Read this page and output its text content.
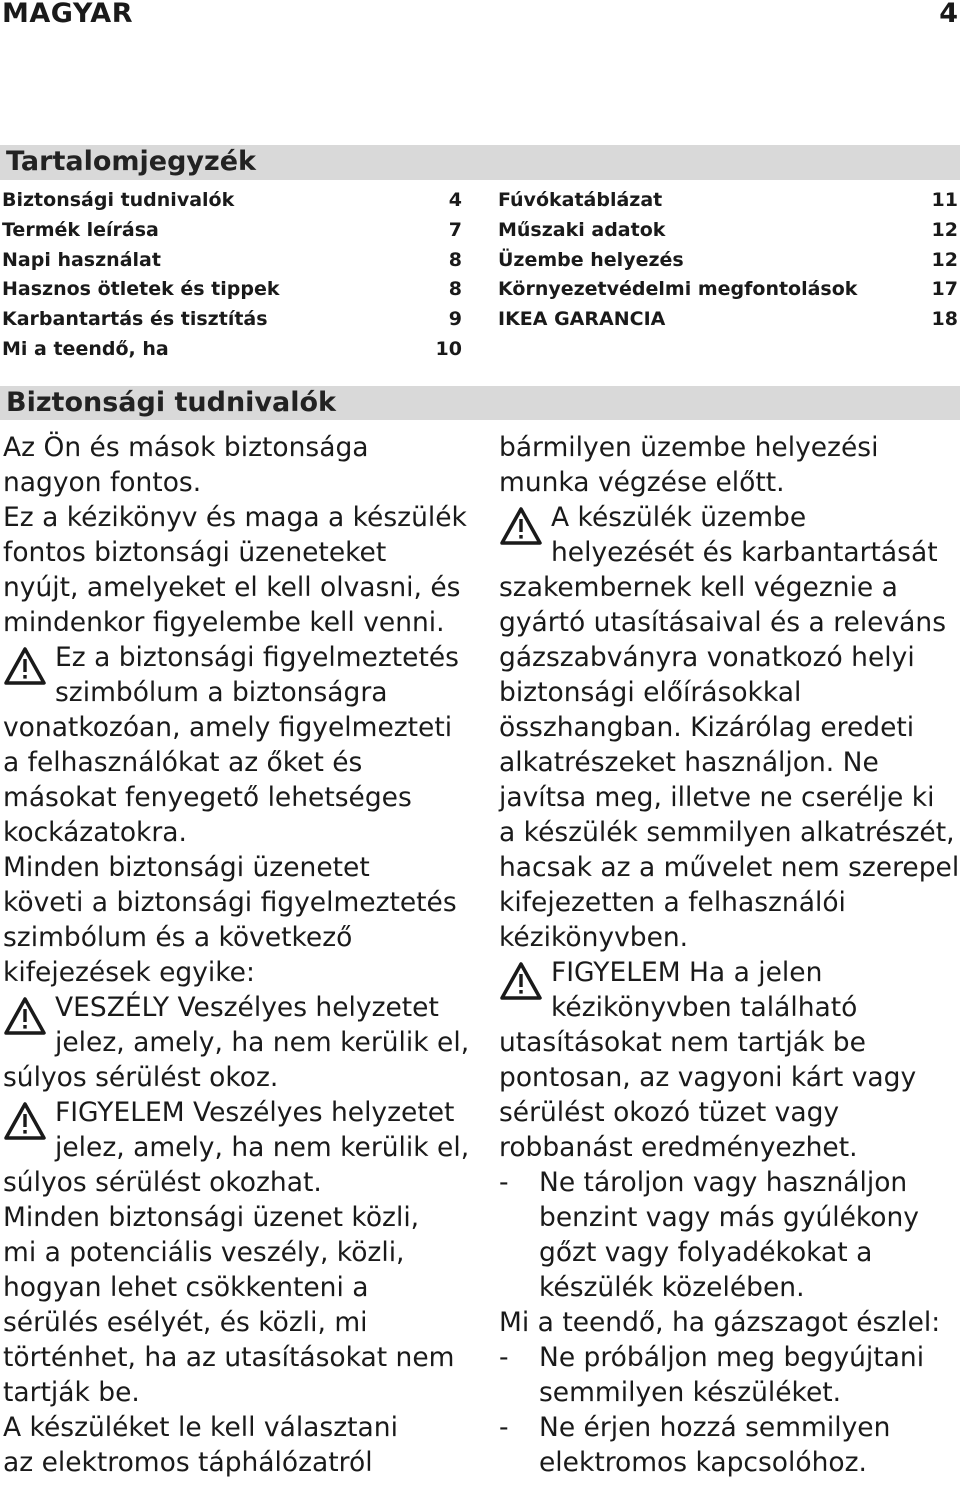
MAGYAR	4
Tartalomjegyzék
Biztonsági tudnivalók	4
Termék leírása	7
Napi használat	8
Hasznos ötletek és tippek	8
Karbantartás és tisztítás	9
Mi a teendő, ha	10
Fúvókatáblázat	11
Műszaki adatok	12
Üzembe helyezés	12
Környezetvédelmi megfontolások	17
IKEA GARANCIA	18
Biztonsági tudnivalók

Az Ön és mások biztonsága
nagyon fontos.

Ez a kézikönyv és maga a készülék
fontos biztonsági üzeneteket
nyújt, amelyeket el kell olvasni, és
mindenkor figyelembe kell venni.

Ez a biztonsági figyelmeztetés
szimbólum a biztonságra
vonatkozóan, amely figyelmezteti
a felhasználókat az őket és
másokat fenyegető lehetséges
kockázatokra.

Minden biztonsági üzenetet
követi a biztonsági figyelmeztetés
szimbólum és a következő
kifejezések egyike:

VESZÉLY Veszélyes helyzetet
jelez, amely, ha nem kerülik el,
súlyos sérülést okoz.
FIGYELEM Veszélyes helyzetet
jelez, amely, ha nem kerülik el,
súlyos sérülést okozhat.

Minden biztonsági üzenet közli,
mi a potenciális veszély, közli,
hogyan lehet csökkenteni a
sérülés esélyét, és közli, mi
történhet, ha az utasításokat nem
tartják be.

A készüléket le kell választani
az elektromos táphálózatról

bármilyen üzembe helyezési
munka végzése előtt.

A készülék üzembe
helyezését és karbantartását
szakembernek kell végeznie a
gyártó utasításaival és a releváns
gázszabványra vonatkozó helyi
biztonsági előírásokkal
összhangban. Kizárólag eredeti
alkatrészeket használjon. Ne
javítsa meg, illetve ne cserélje ki
a készülék semmilyen alkatrészét,
hacsak az a művelet nem szerepel
kifejezetten a felhasználói
kézikönyvben.
FIGYELEM Ha a jelen
kézikönyvben található
utasításokat nem tartják be
pontosan, az vagyoni kárt vagy
sérülést okozó tüzet vagy
robbanást eredményezhet.
-	Ne tároljon vagy használjon
benzint vagy más gyúlékony
gőzt vagy folyadékokat a
készülék közelében.
Mi a teendő, ha gázszagot észlel:
-	Ne próbáljon meg begyújtani
semmilyen készüléket.
-	Ne érjen hozzá semmilyen
elektromos kapcsolóhoz.
